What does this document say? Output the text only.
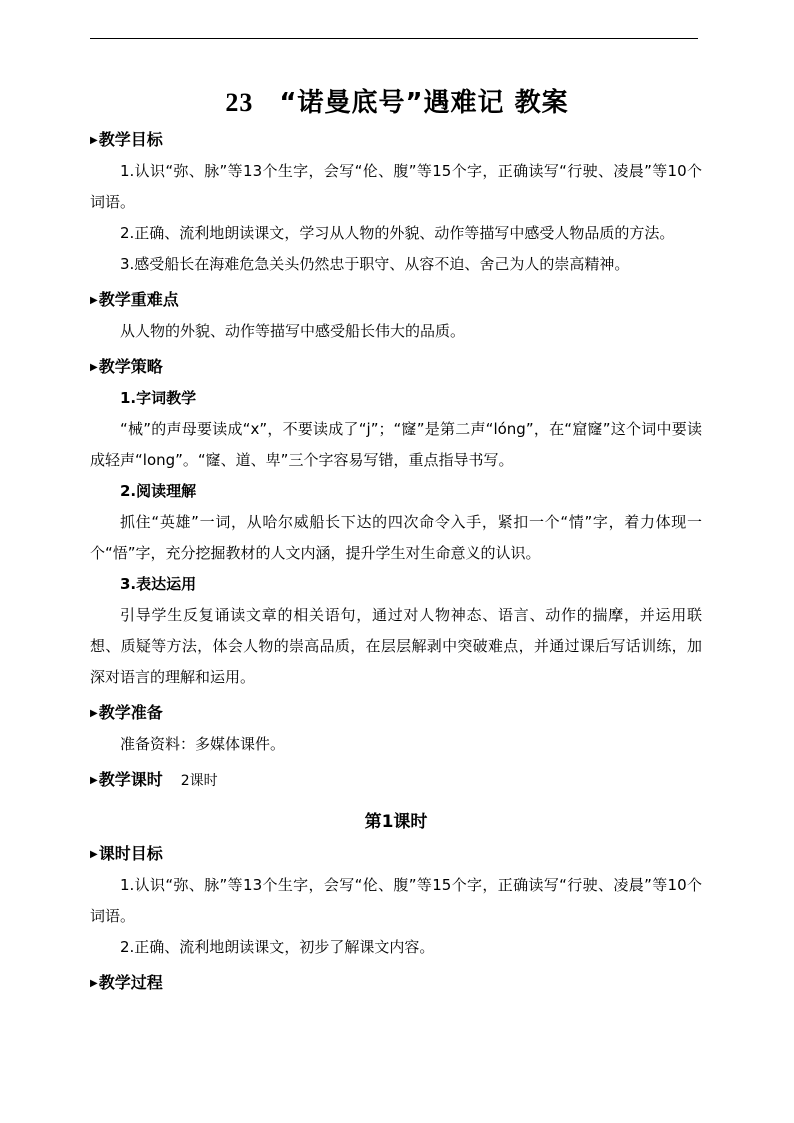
23 “诺曼底号”遇难记 教案
▶教学目标

1.认识“弥、脉”等13个生字，会写“伦、腹”等15个字，正确读写“行驶、凌晨”等10个词语。

2.正确、流利地朗读课文，学习从人物的外貌、动作等描写中感受人物品质的方法。

3.感受船长在海难危急关头仍然忠于职守、从容不迫、舍己为人的崇高精神。

▶教学重难点

从人物的外貌、动作等描写中感受船长伟大的品质。

▶教学策略

1.字词教学

“械”的声母要读成“x”，不要读成了“j”；“窿”是第二声“lóng”，在“窟窿”这个词中要读成轻声“long”。“窿、道、卑”三个字容易写错，重点指导书写。

2.阅读理解

抓住“英雄”一词，从哈尔威船长下达的四次命令入手，紧扣一个“情”字，着力体现一个“悟”字，充分挖掘教材的人文内涵，提升学生对生命意义的认识。

3.表达运用

引导学生反复诵读文章的相关语句，通过对人物神态、语言、动作的揣摩，并运用联想、质疑等方法，体会人物的崇高品质，在层层解剥中突破难点，并通过课后写话训练，加深对语言的理解和运用。

▶教学准备

准备资料：多媒体课件。

▶教学课时 2课时
第1课时
▶课时目标

1.认识“弥、脉”等13个生字，会写“伦、腹”等15个字，正确读写“行驶、凌晨”等10个词语。

2.正确、流利地朗读课文，初步了解课文内容。

▶教学过程
